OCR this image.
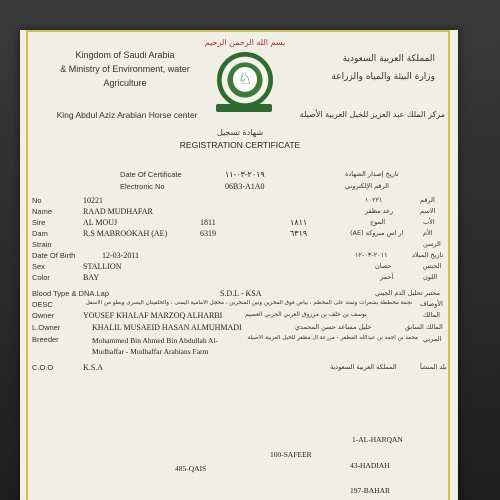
بسم الله الرحمن الرحيم
Kingdom of Saudi Arabia
& Ministry of Environment, water
Agriculture
King Abdul Aziz Arabian Horse center
المملكة العربية السعودية
وزارة البيئة والمياه والزراعة
مركز الملك عبد العزيز للخيل العربية الأصيلة
♘
شهادة تسجيل
REGISTRATION CERTIFICATE
Date Of Certificate	٢٠١٩-٠٣-١١	تاريخ إصدار الشهادة
Electronic No	06B3-A1A0	الرقم الإلكتروني
No	10221	١٠٢٢١	الرقم
Name	RAAD MUDHAFAR	رعد مظفر	الاسم
Sire	AL MOUJ	1811	١٨١١	الموج	الأب
Dam	R.S MABROOKAH (AE)	6319	٦٣١٩	ار اس مبروكه (AE)	الأم
Strain	الرسن
Date Of Birth	12-03-2011	٢٠١١-٠٣-١٢	تاريخ الميلاد
Sex	STALLION	حصان	الجنس
Color	BAY	أحمر	اللون
Blood Type & DNA.Lap	S.D.L - KSA	مختبر تحليل الدم الجيني
DESC	نجمة مخططة بشعرات وتمتد على المخطم ، بياض فوق المخرين وبين المنخرين ، محجل الأمامية اليمنى ، والخلفيتان اليسرى ويطو من الأسفل الأوصاف
Owner	YOUSEF KHALAF MARZOQ ALHARBI	يوسف بن خلف بن مرزوق العربي الحربي العصيم	المالك
L.Owner	KHALIL MUSAEID HASAN ALMUHMADI	خليل مساعد حسن المحمدي	المالك السابق
Breeder	Mohammed Bin Ahmed Bin Abdullah Al-Mudhaffar - Mudhaffar Arabians Farm
محمد بن احمد بن عبدالله المظفر - مزرعة آل مظفر للخيل العربية الأصيلة المربي
C.O.O	K.S.A	المملكة العربية السعودية	بلد المنشأ
485-QAIS
100-SAFEER
1-AL-HARQAN
43-HADIAH
197-BAHAR
